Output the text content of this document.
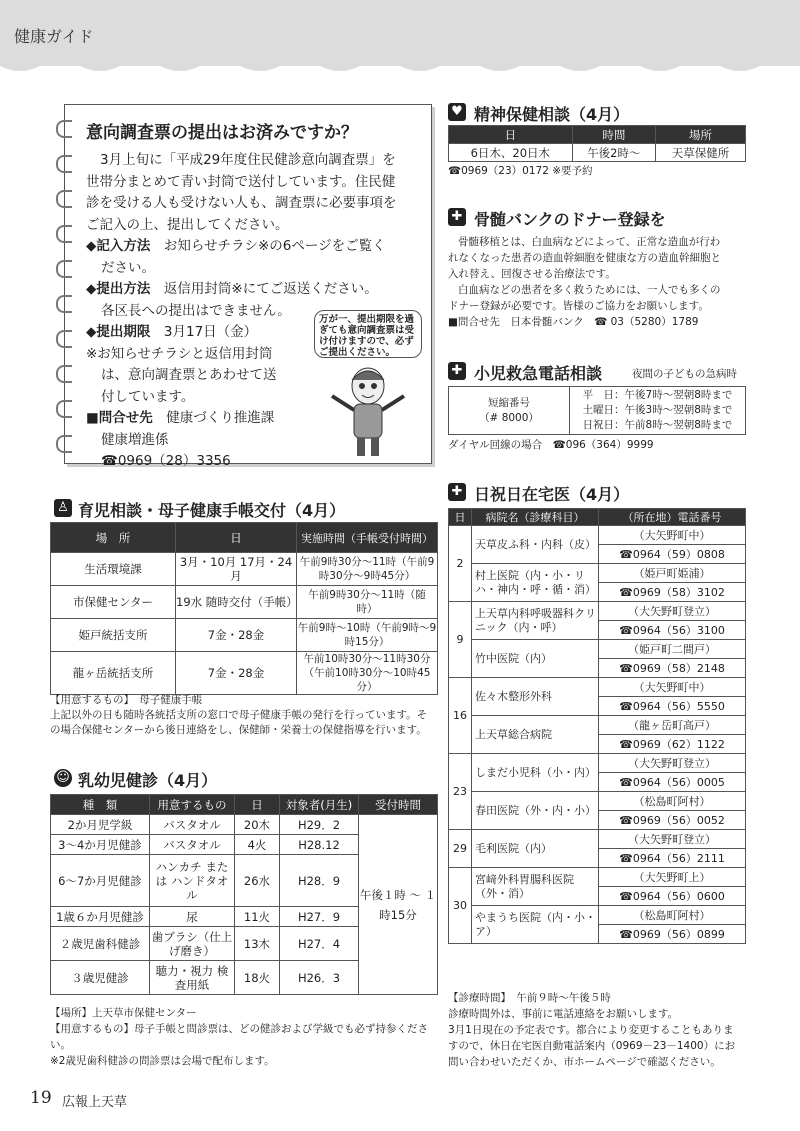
健康ガイド
意向調査票の提出はお済みですか？
3月上旬に「平成29年度住民健診意向調査票」を
世帯分まとめて青い封筒で送付しています。住民健
診を受ける人も受けない人も、調査票に必要事項を
ご記入の上、提出してください。
◆記入方法　 お知らせチラシ※の6ページをご覧く
ださい。
◆提出方法　 返信用封筒※にてご返送ください。
各区長への提出はできません。
◆提出期限　 3月17日（金）
※お知らせチラシと返信用封筒
は、意向調査票とあわせて送
付しています。
■問合せ先　 健康づくり推進課
健康増進係
☎0969（28）3356
万が一、提出期限を過ぎても意向調査票は受け付けますので、必ずご提出ください。
♥ 精神保健相談（4月）
日	時間	場所
6日木、20日木	午後2時～	天草保健所
☎0969（23）0172 ※要予約
✚ 骨髄バンクのドナー登録を
骨髄移植とは、白血病などによって、正常な造血が行わ
れなくなった患者の造血幹細胞を健康な方の造血幹細胞と
入れ替え、回復させる治療法です。
白血病などの患者を多く救うためには、一人でも多くの
ドナー登録が必要です。皆様のご協力をお願いします。
■問合せ先　日本骨髄バンク　☎ 03（5280）1789
✚ 小児救急電話相談	夜間の子どもの急病時
短縮番号
（# 8000）

平　日：午後7時～翌朝8時まで
土曜日：午後3時～翌朝8時まで
日祝日：午前8時～翌朝8時まで
ダイヤル回線の場合　☎096（364）9999
✚ 日祝日在宅医（4月）
日	病院名（診療科目）	（所在地）電話番号
2	天草皮ふ科・内科（皮）	（大矢野町中）
		☎0964（59）0808
	村上医院（内・小・リハ・神内・呼・循・消）	（姫戸町姫浦）
		☎0969（58）3102
9	上天草内科呼吸器科クリニック（内・呼）	（大矢野町登立）
		☎0964（56）3100
	竹中医院（内）	（姫戸町二間戸）
		☎0969（58）2148
16	佐々木整形外科	（大矢野町中）
		☎0964（56）5550
	上天草総合病院	（龍ヶ岳町高戸）
		☎0969（62）1122
23	しまだ小児科（小・内）	（大矢野町登立）
		☎0964（56）0005
	春田医院（外・内・小）	（松島町阿村）
		☎0969（56）0052
29	毛利医院（内）	（大矢野町登立）
		☎0964（56）2111
30	宮﨑外科胃腸科医院（外・消）	（大矢野町上）
		☎0964（56）0600
	やまうち医院（内・小・ア）	（松島町阿村）
		☎0969（56）0899
【診療時間】　午前９時～午後５時
診療時間外は、事前に電話連絡をお願いします。
3月1日現在の予定表です。都合により変更することもありま
すので、休日在宅医自動電話案内（0969－23－1400）にお
問い合わせいただくか、市ホームページで確認ください。
♙ 育児相談・母子健康手帳交付（4月）
場　所	日	実施時間（手帳受付時間）
生活環境課	3月・10月 17月・24月	午前9時30分～11時（午前9時30分～9時45分）
市保健センター	19水 随時交付（手帳）	午前9時30分～11時（随　時）
姫戸統括支所	7金・28金	午前9時～10時（午前9時～9時15分）
龍ヶ岳統括支所	7金・28金	午前10時30分～11時30分（午前10時30分～10時45分）
【用意するもの】　母子健康手帳
上記以外の日も随時各統括支所の窓口で母子健康手帳の発行を行っています。そ
の場合保健センターから後日連絡をし、保健師・栄養士の保健指導を行います。
☺ 乳幼児健診（4月）
種　類	用意するもの	日	対象者(月生)	受付時間
2か月児学級	バスタオル	20木	H29．2	午後１時 ～ １時15分
3～4か月児健診	バスタオル	4火	H28.12	
6～7か月児健診	ハンカチ または ハンドタオル	26水	H28．9	
1歳６か月児健診	尿	11火	H27．9	
２歳児歯科健診	歯ブラシ（仕上げ磨き）	13木	H27．4	
３歳児健診	聴力・視力 検査用紙	18火	H26．3	
【場所】上天草市保健センター
【用意するもの】母子手帳と問診票は、どの健診および学級でも必ず持参ください。
※2歳児歯科健診の問診票は会場で配布します。
19 広報上天草
